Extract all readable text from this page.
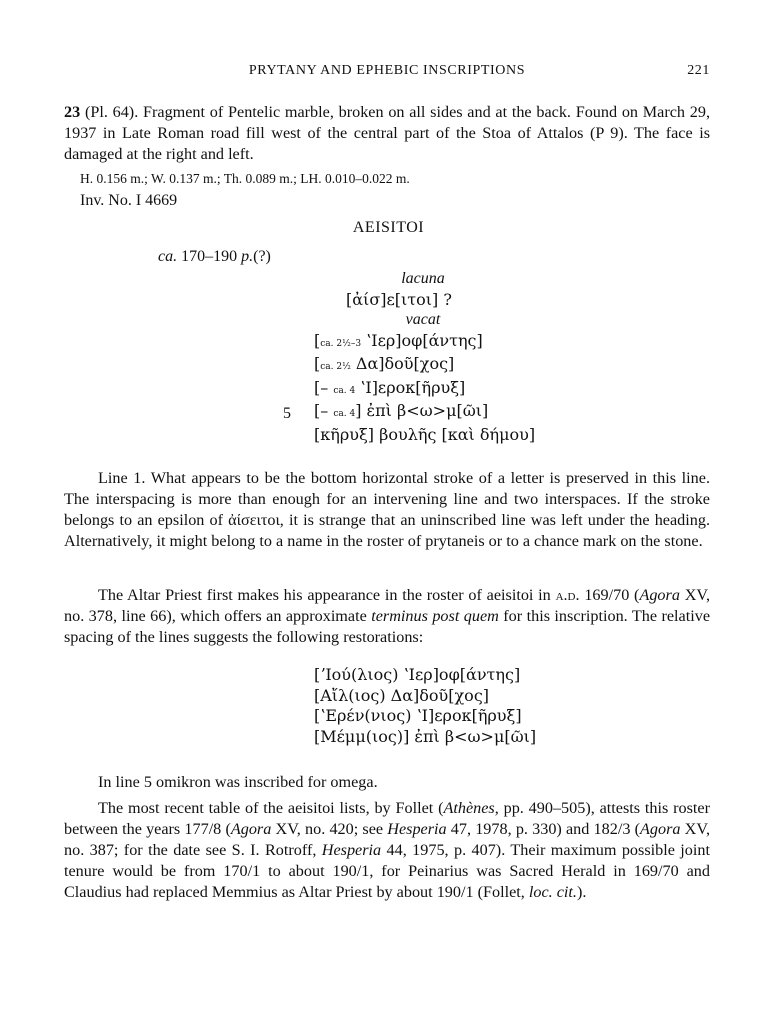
PRYTANY AND EPHEBIC INSCRIPTIONS	221

23 (Pl. 64). Fragment of Pentelic marble, broken on all sides and at the back. Found on March 29, 1937 in Late Roman road fill west of the central part of the Stoa of Attalos (P 9). The face is damaged at the right and left.

H. 0.156 m.; W. 0.137 m.; Th. 0.089 m.; LH. 0.010–0.022 m.
Inv. No. I 4669
AEISITOI
ca. 170–190 p.(?)
lacuna
[ἀίσ]ε[ιτοι] ?
vacat
[ca. 2½–3 ʽΙερ]οφ[άντης]
[ca. 2½ Δα]δοῦ[χος]
[– ca. 4 ʽΙ]εροκ[ῆρυξ]
[– ca. 4] ἐπὶ β<ω>μ[ῶι]
[κῆρυξ] βουλῆς [καὶ δήμου]
5

Line 1. What appears to be the bottom horizontal stroke of a letter is preserved in this line. The interspacing is more than enough for an intervening line and two interspaces. If the stroke belongs to an epsilon of ἀίσειτοι, it is strange that an uninscribed line was left under the heading. Alternatively, it might belong to a name in the roster of prytaneis or to a chance mark on the stone.

The Altar Priest first makes his appearance in the roster of aeisitoi in a.d. 169/70 (Agora XV, no. 378, line 66), which offers an approximate terminus post quem for this inscription. The relative spacing of the lines suggests the following restorations:

[ʼΙού(λιος) ʽΙερ]οφ[άντης]
[Αἴλ(ιος) Δα]δοῦ[χος]
[ʽΕρέν(νιος) ʽΙ]εροκ[ῆρυξ]
[Μέμμ(ιος)] ἐπὶ β<ω>μ[ῶι]

In line 5 omikron was inscribed for omega.

The most recent table of the aeisitoi lists, by Follet (Athènes, pp. 490–505), attests this roster between the years 177/8 (Agora XV, no. 420; see Hesperia 47, 1978, p. 330) and 182/3 (Agora XV, no. 387; for the date see S. I. Rotroff, Hesperia 44, 1975, p. 407). Their maximum possible joint tenure would be from 170/1 to about 190/1, for Peinarius was Sacred Herald in 169/70 and Claudius had replaced Memmius as Altar Priest by about 190/1 (Follet, loc. cit.).
